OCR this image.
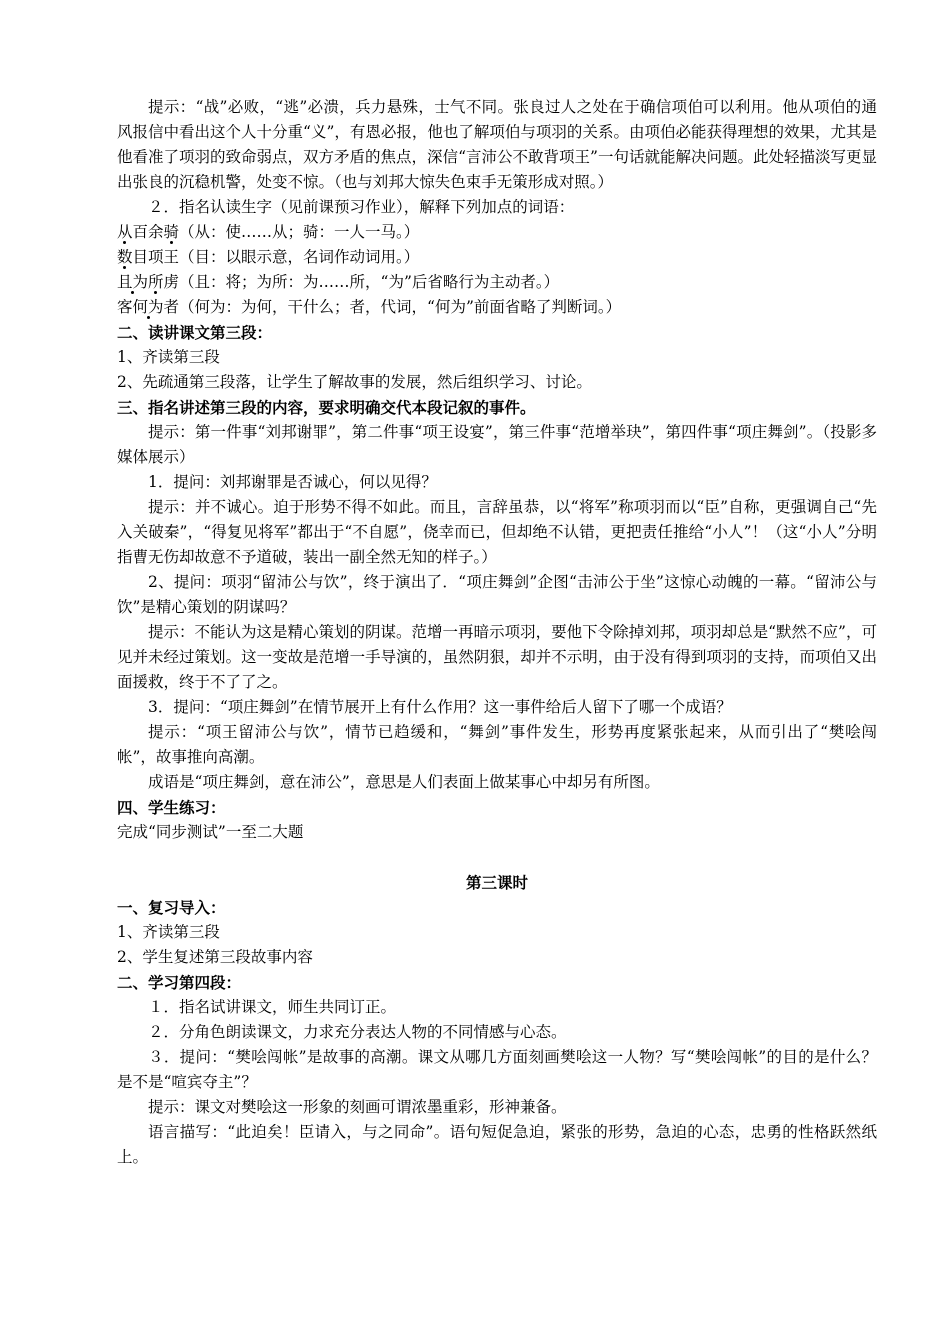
提示：“战”必败，“逃”必溃，兵力悬殊，士气不同。张良过人之处在于确信项伯可以利用。他从项伯的通风报信中看出这个人十分重“义”，有恩必报，他也了解项伯与项羽的关系。由项伯必能获得理想的效果，尤其是他看准了项羽的致命弱点，双方矛盾的焦点，深信“言沛公不敢背项王”一句话就能解决问题。此处轻描淡写更显出张良的沉稳机警，处变不惊。（也与刘邦大惊失色束手无策形成对照。）

２．指名认读生字（见前课预习作业），解释下列加点的词语：

从百余骑（从：使……从；骑：一人一马。）

数目项王（目：以眼示意，名词作动词用。）

且为所虏（且：将；为所：为……所，“为”后省略行为主动者。）

客何为者（何为：为何，干什么；者，代词，“何为”前面省略了判断词。）

二、读讲课文第三段：

1、齐读第三段

2、先疏通第三段落，让学生了解故事的发展，然后组织学习、讨论。

三、指名讲述第三段的内容，要求明确交代本段记叙的事件。

提示：第一件事“刘邦谢罪”，第二件事“项王设宴”，第三件事“范增举玦”，第四件事“项庄舞剑”。（投影多媒体展示）

1．提问：刘邦谢罪是否诚心，何以见得？

提示：并不诚心。迫于形势不得不如此。而且，言辞虽恭，以“将军”称项羽而以“臣”自称，更强调自己“先入关破秦”，“得复见将军”都出于“不自愿”，侥幸而已，但却绝不认错，更把责任推给“小人”！（这“小人”分明指曹无伤却故意不予道破，装出一副全然无知的样子。）

2、提问：项羽“留沛公与饮”，终于演出了．“项庄舞剑”企图“击沛公于坐”这惊心动魄的一幕。“留沛公与饮”是精心策划的阴谋吗？

提示：不能认为这是精心策划的阴谋。范增一再暗示项羽，要他下令除掉刘邦，项羽却总是“默然不应”，可见并未经过策划。这一变故是范增一手导演的，虽然阴狠，却并不示明，由于没有得到项羽的支持，而项伯又出面援救，终于不了了之。

3．提问：“项庄舞剑”在情节展开上有什么作用？这一事件给后人留下了哪一个成语？

提示：“项王留沛公与饮”，情节已趋缓和，“舞剑”事件发生，形势再度紧张起来，从而引出了“樊哙闯帐”，故事推向高潮。

成语是“项庄舞剑，意在沛公”，意思是人们表面上做某事心中却另有所图。

四、学生练习：

完成“同步测试”一至二大题

第三课时

一、复习导入：

1、齐读第三段

2、学生复述第三段故事内容

二、学习第四段：

１．指名试讲课文，师生共同订正。

２．分角色朗读课文，力求充分表达人物的不同情感与心态。

３．提问：“樊哙闯帐”是故事的高潮。课文从哪几方面刻画樊哙这一人物？写“樊哙闯帐”的目的是什么？是不是“喧宾夺主”？

提示：课文对樊哙这一形象的刻画可谓浓墨重彩，形神兼备。

语言描写：“此迫矣！臣请入，与之同命”。语句短促急迫，紧张的形势，急迫的心态，忠勇的性格跃然纸上。
